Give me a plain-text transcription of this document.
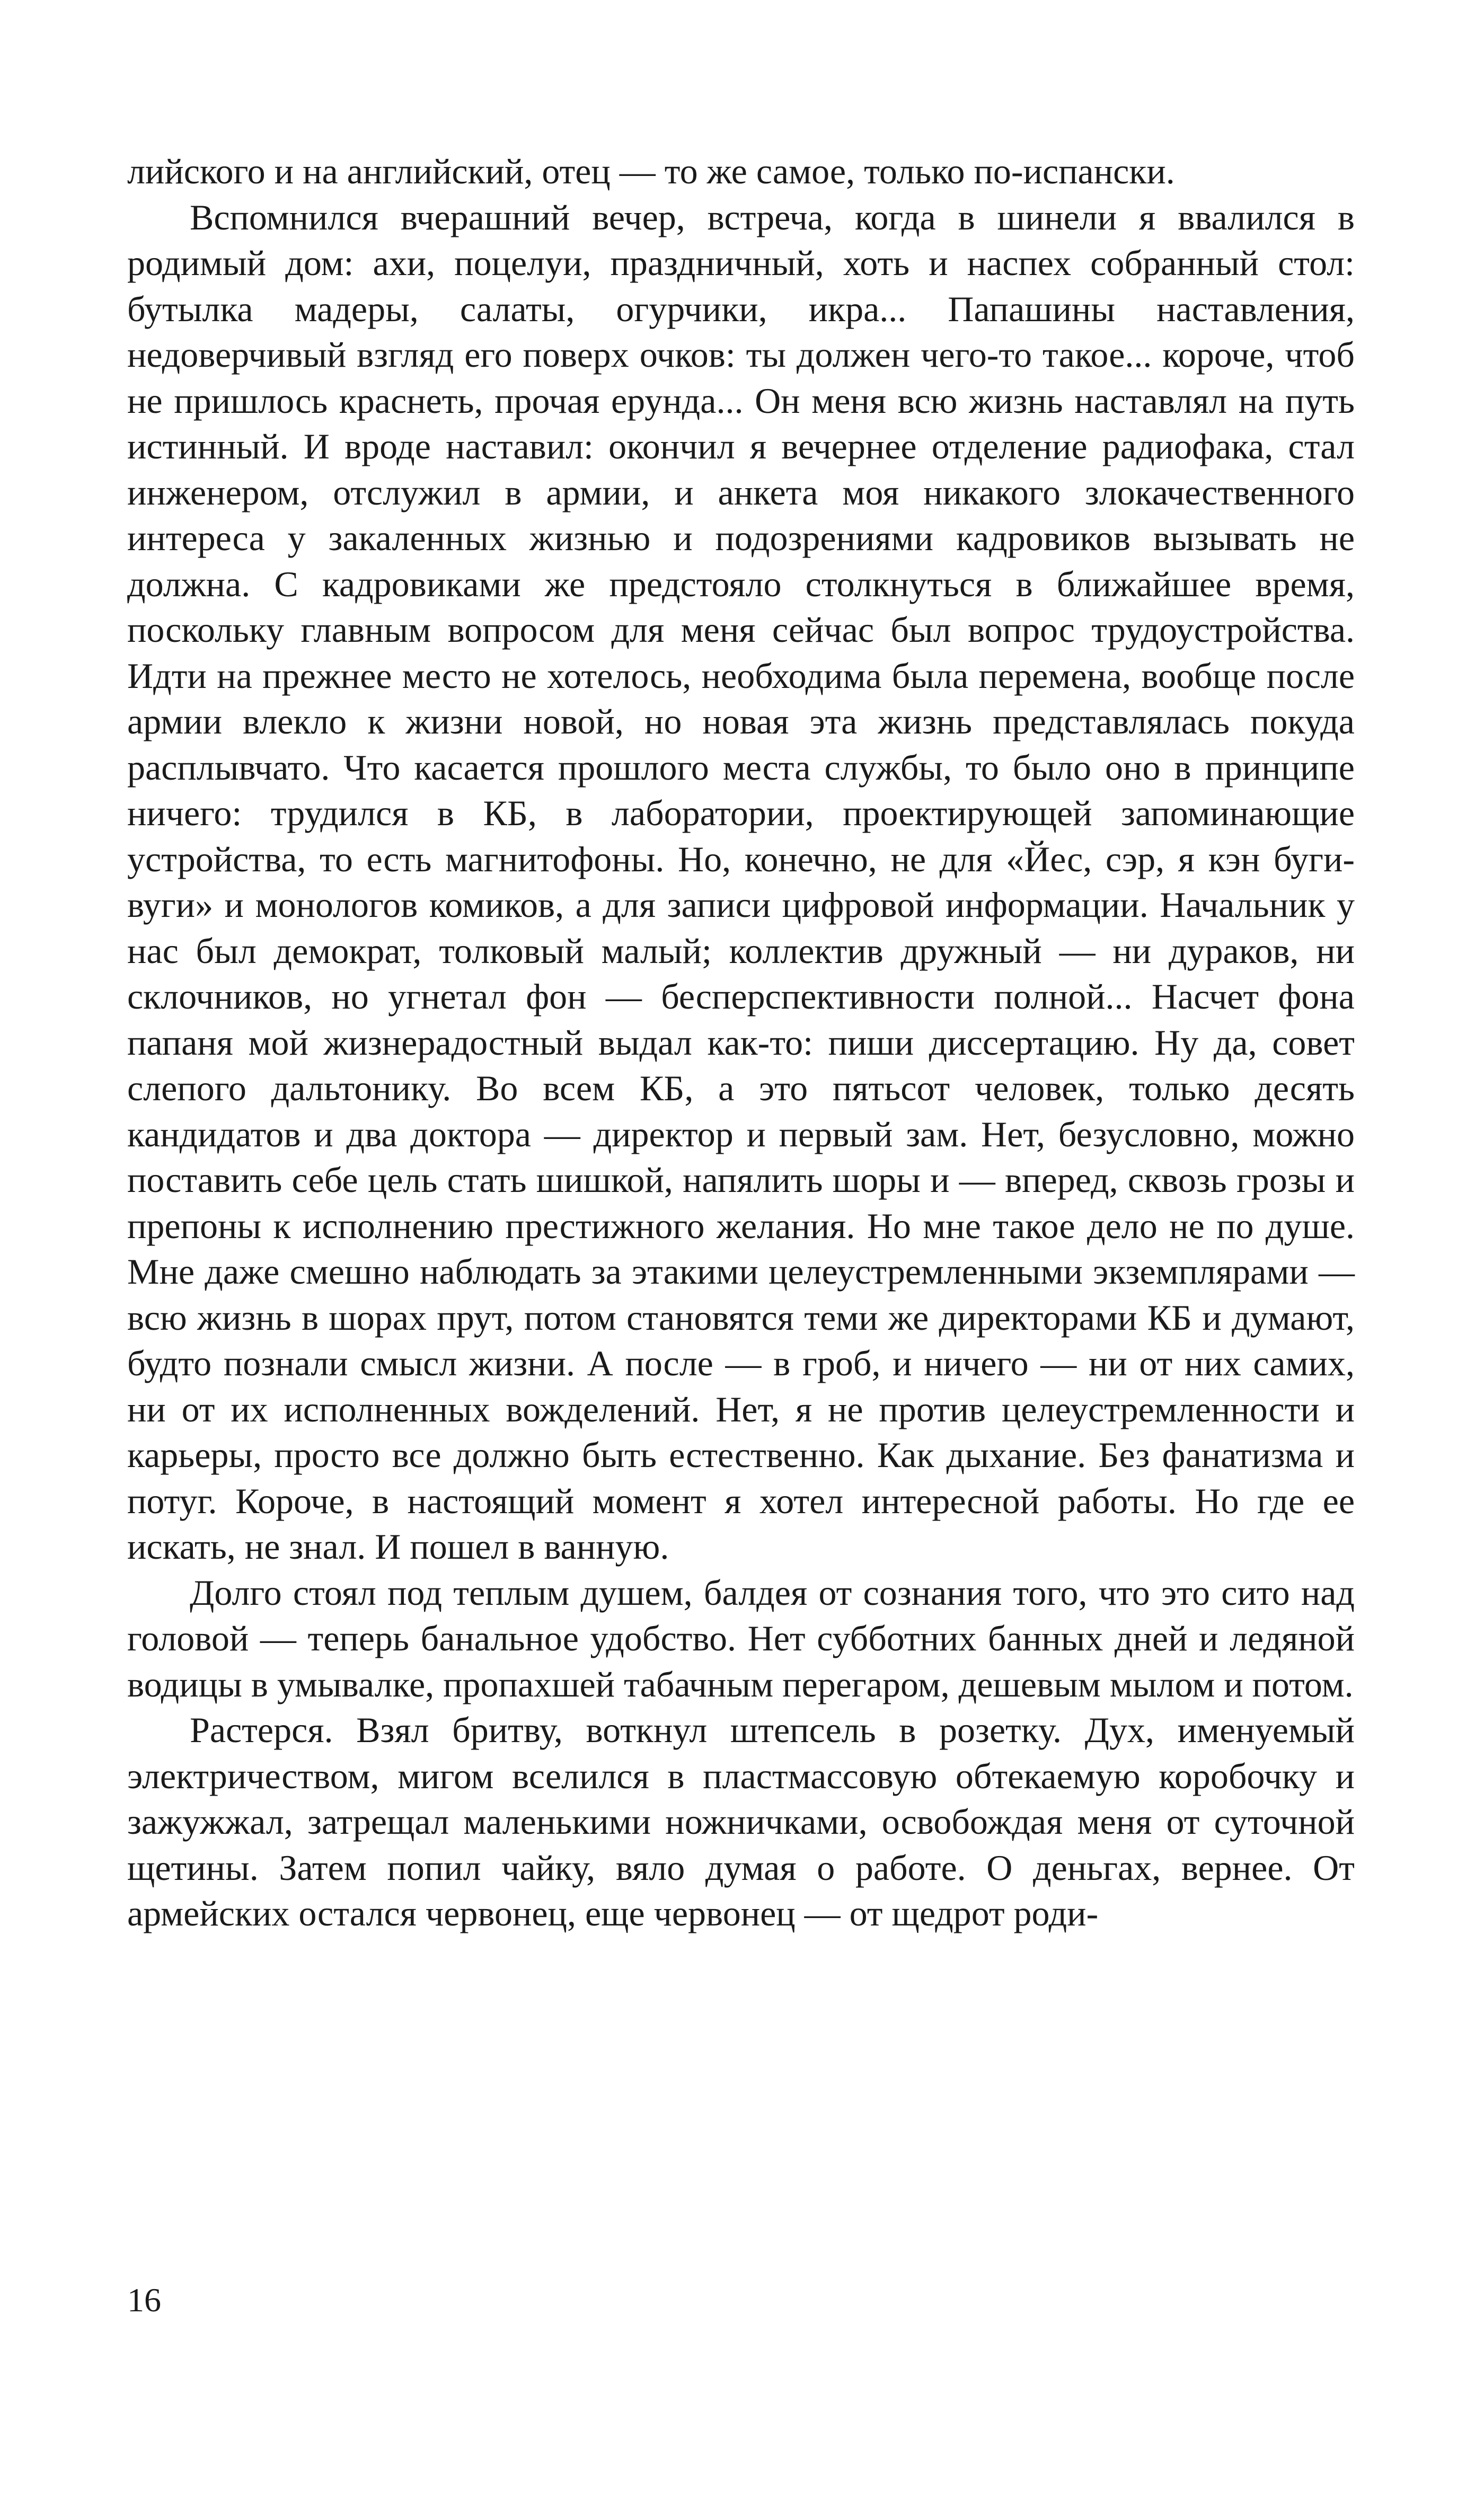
лийского и на английский, отец — то же самое, только по-испански.

Вспомнился вчерашний вечер, встреча, когда в шинели я ввалился в родимый дом: ахи, поцелуи, праздничный, хоть и наспех собранный стол: бутылка мадеры, салаты, огурчики, икра... Папашины наставления, недоверчивый взгляд его поверх очков: ты должен чего-то такое... короче, чтоб не пришлось краснеть, прочая ерунда... Он меня всю жизнь наставлял на путь истинный. И вроде наставил: окончил я вечернее отделение радиофака, стал инженером, отслужил в армии, и анкета моя никакого злокачественного интереса у закаленных жизнью и подозрениями кадровиков вызывать не должна. С кадровиками же предстояло столкнуться в ближайшее время, поскольку главным вопросом для меня сейчас был вопрос трудоустройства. Идти на прежнее место не хотелось, необходима была перемена, вообще после армии влекло к жизни новой, но новая эта жизнь представлялась покуда расплывчато. Что касается прошлого места службы, то было оно в принципе ничего: трудился в КБ, в лаборатории, проектирующей запоминающие устройства, то есть магнитофоны. Но, конечно, не для «Йес, сэр, я кэн буги-вуги» и монологов комиков, а для записи цифровой информации. Начальник у нас был демократ, толковый малый; коллектив дружный — ни дураков, ни склочников, но угнетал фон — бесперспективности полной... Насчет фона папаня мой жизнерадостный выдал как-то: пиши диссертацию. Ну да, совет слепого дальтонику. Во всем КБ, а это пятьсот человек, только десять кандидатов и два доктора — директор и первый зам. Нет, безусловно, можно поставить себе цель стать шишкой, напялить шоры и — вперед, сквозь грозы и препоны к исполнению престижного желания. Но мне такое дело не по душе. Мне даже смешно наблюдать за этакими целеустремленными экземплярами — всю жизнь в шорах прут, потом становятся теми же директорами КБ и думают, будто познали смысл жизни. А после — в гроб, и ничего — ни от них самих, ни от их исполненных вожделений. Нет, я не против целеустремленности и карьеры, просто все должно быть естественно. Как дыхание. Без фанатизма и потуг. Короче, в настоящий момент я хотел интересной работы. Но где ее искать, не знал. И пошел в ванную.

Долго стоял под теплым душем, балдея от сознания того, что это сито над головой — теперь банальное удобство. Нет субботних банных дней и ледяной водицы в умывалке, пропахшей табачным перегаром, дешевым мылом и потом.

Растерся. Взял бритву, воткнул штепсель в розетку. Дух, именуемый электричеством, мигом вселился в пластмассовую обтекаемую коробочку и зажужжал, затрещал маленькими ножничками, освобождая меня от суточной щетины. Затем попил чайку, вяло думая о работе. О деньгах, вернее. От армейских остался червонец, еще червонец — от щедрот роди-

16
